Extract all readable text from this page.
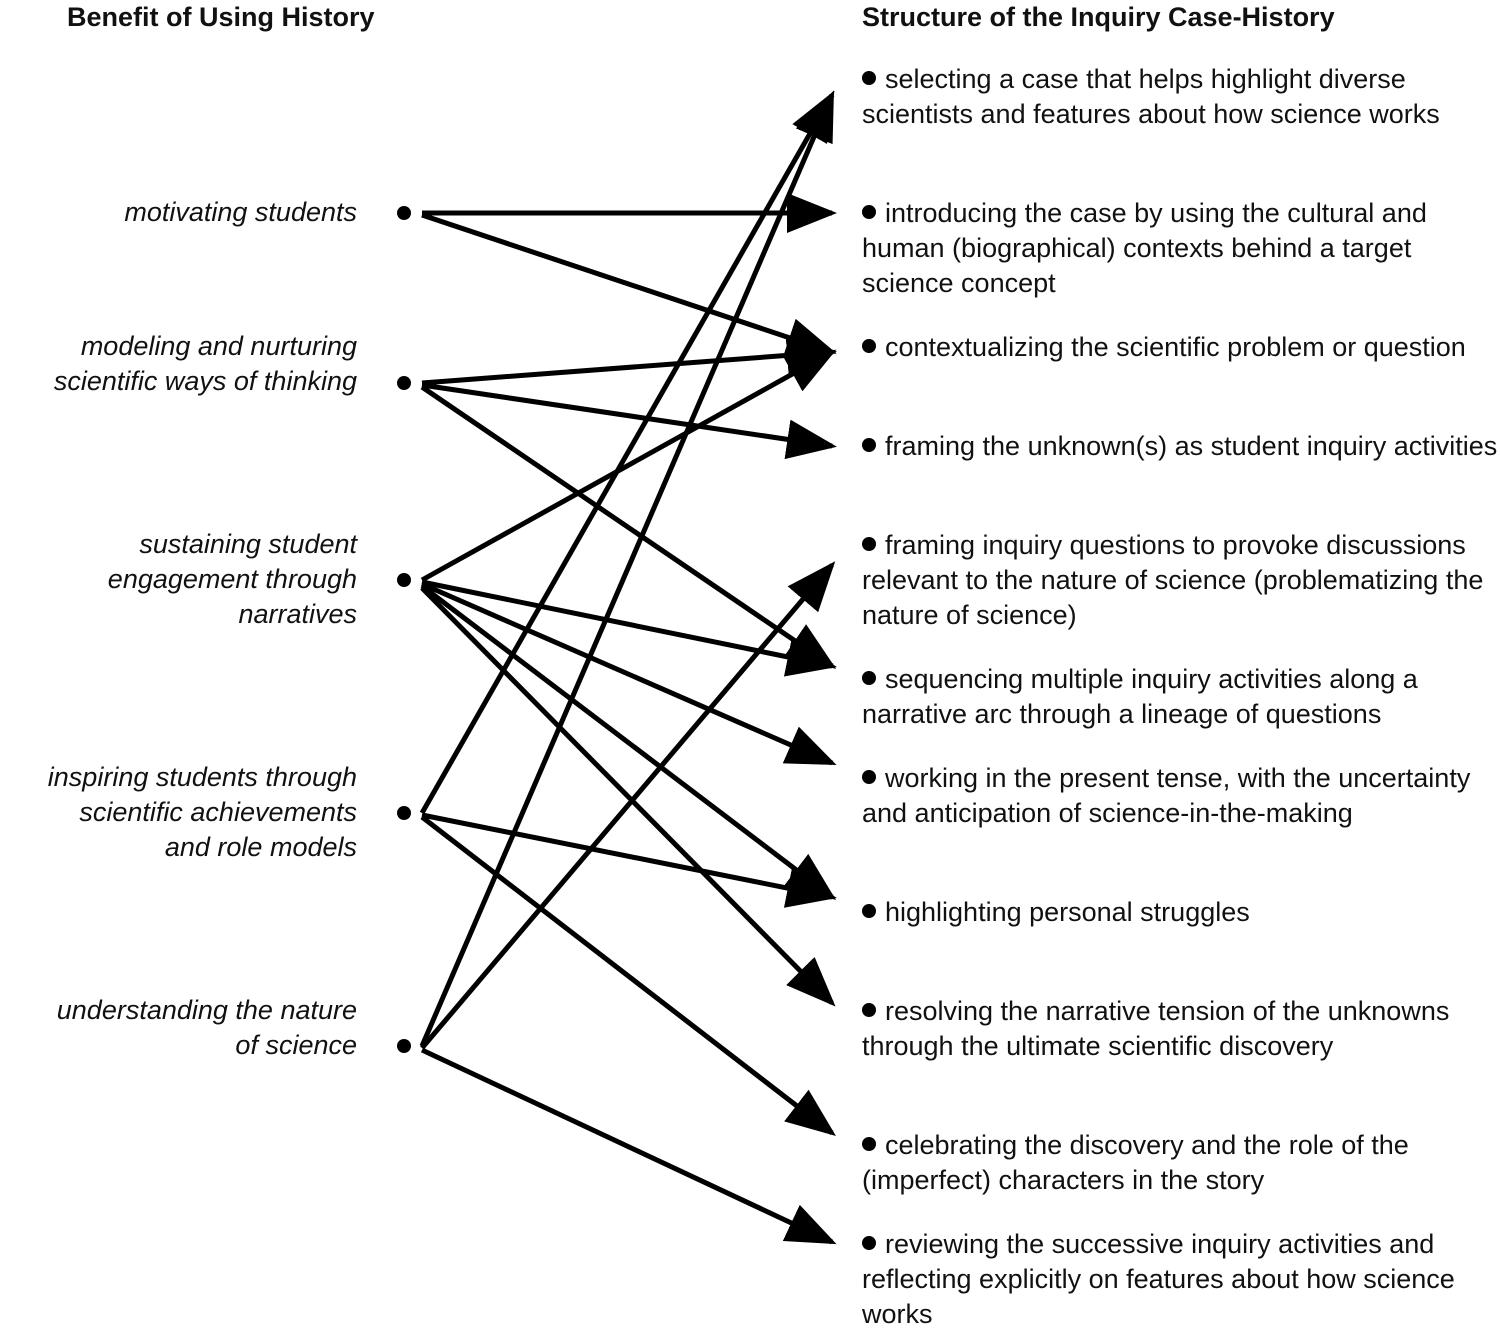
Benefit of Using History	Structure of the Inquiry Case-History
motivating students
modeling and nurturing
scientific ways of thinking
sustaining student
engagement through
narratives
inspiring students through
scientific achievements
and role models
understanding the nature
of science
selecting a case that helps highlight diverse scientists and features about how science works
introducing the case by using the cultural and human (biographical) contexts behind a target science concept
contextualizing the scientific problem or question
framing the unknown(s) as student inquiry activities
framing inquiry questions to provoke discussions relevant to the nature of science (problematizing the nature of science)
sequencing multiple inquiry activities along a narrative arc through a lineage of questions
working in the present tense, with the uncertainty and anticipation of science-in-the-making
highlighting personal struggles
resolving the narrative tension of the unknowns through the ultimate scientific discovery
celebrating the discovery and the role of the (imperfect) characters in the story
reviewing the successive inquiry activities and reflecting explicitly on features about how science works
